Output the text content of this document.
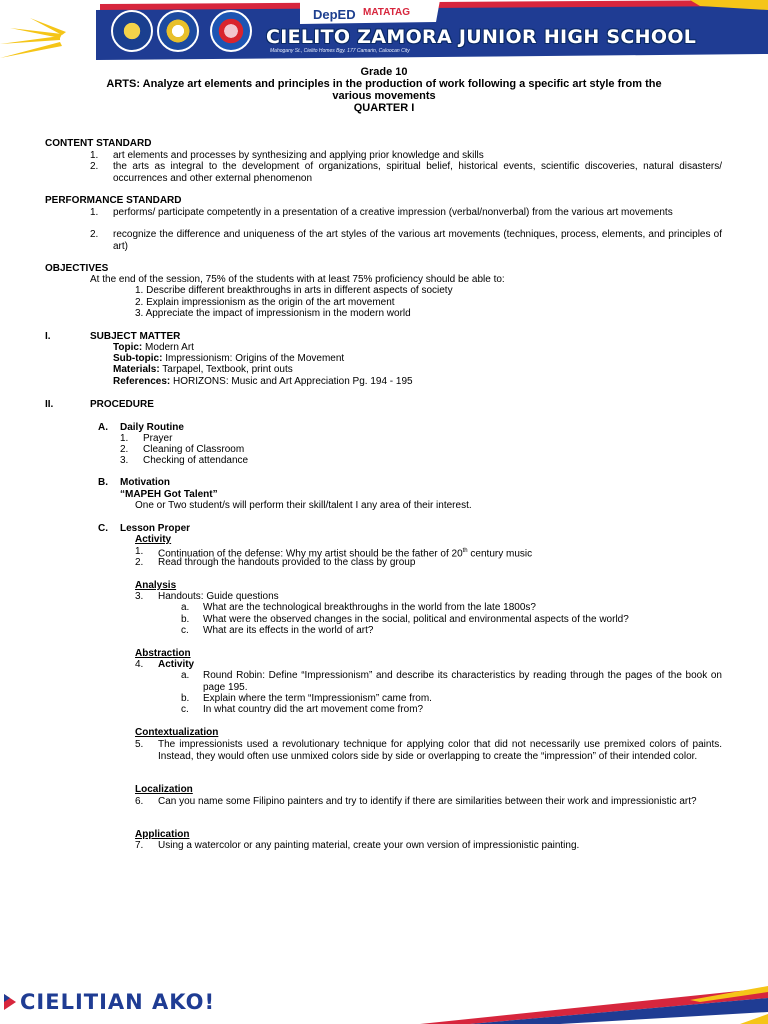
DepED MATATAG
CIELITO ZAMORA JUNIOR HIGH SCHOOL
Mahogany St., Cielito Homes Bgy. 177 Camarin, Caloocan City
Grade 10
ARTS: Analyze art elements and principles in the production of work following a specific art style from the
various movements
QUARTER I
CONTENT STANDARD
1. art elements and processes by synthesizing and applying prior knowledge and skills
2. the arts as integral to the development of organizations, spiritual belief, historical events, scientific discoveries, natural disasters/ occurrences and other external phenomenon
PERFORMANCE STANDARD
1. performs/ participate competently in a presentation of a creative impression (verbal/nonverbal) from the various art movements
2. recognize the difference and uniqueness of the art styles of the various art movements (techniques, process, elements, and principles of art)
OBJECTIVES
At the end of the session, 75% of the students with at least 75% proficiency should be able to:
1. Describe different breakthroughs in arts in different aspects of society
2. Explain impressionism as the origin of the art movement
3. Appreciate the impact of impressionism in the modern world
I.	SUBJECT MATTER
Topic: Modern Art
Sub-topic: Impressionism: Origins of the Movement
Materials: Tarpapel, Textbook, print outs
References: HORIZONS: Music and Art Appreciation Pg. 194 - 195
II.	PROCEDURE
A. Daily Routine
1. Prayer
2. Cleaning of Classroom
3. Checking of attendance
B. Motivation
“MAPEH Got Talent”
One or Two student/s will perform their skill/talent I any area of their interest.
C. Lesson Proper
Activity
1. Continuation of the defense: Why my artist should be the father of 20th century music
2. Read through the handouts provided to the class by group
Analysis
3. Handouts: Guide questions
a. What are the technological breakthroughs in the world from the late 1800s?
b. What were the observed changes in the social, political and environmental aspects of the world?
c. What are its effects in the world of art?
Abstraction
4. Activity
a. Round Robin: Define “Impressionism” and describe its characteristics by reading through the pages of the book on page 195.
b. Explain where the term “Impressionism” came from.
c. In what country did the art movement come from?
Contextualization
5. The impressionists used a revolutionary technique for applying color that did not necessarily use premixed colors of paints. Instead, they would often use unmixed colors side by side or overlapping to create the “impression” of their intended color.
Localization
6. Can you name some Filipino painters and try to identify if there are similarities between their work and impressionistic art?
Application
7. Using a watercolor or any painting material, create your own version of impressionistic painting.
CIELITIAN AKO!
